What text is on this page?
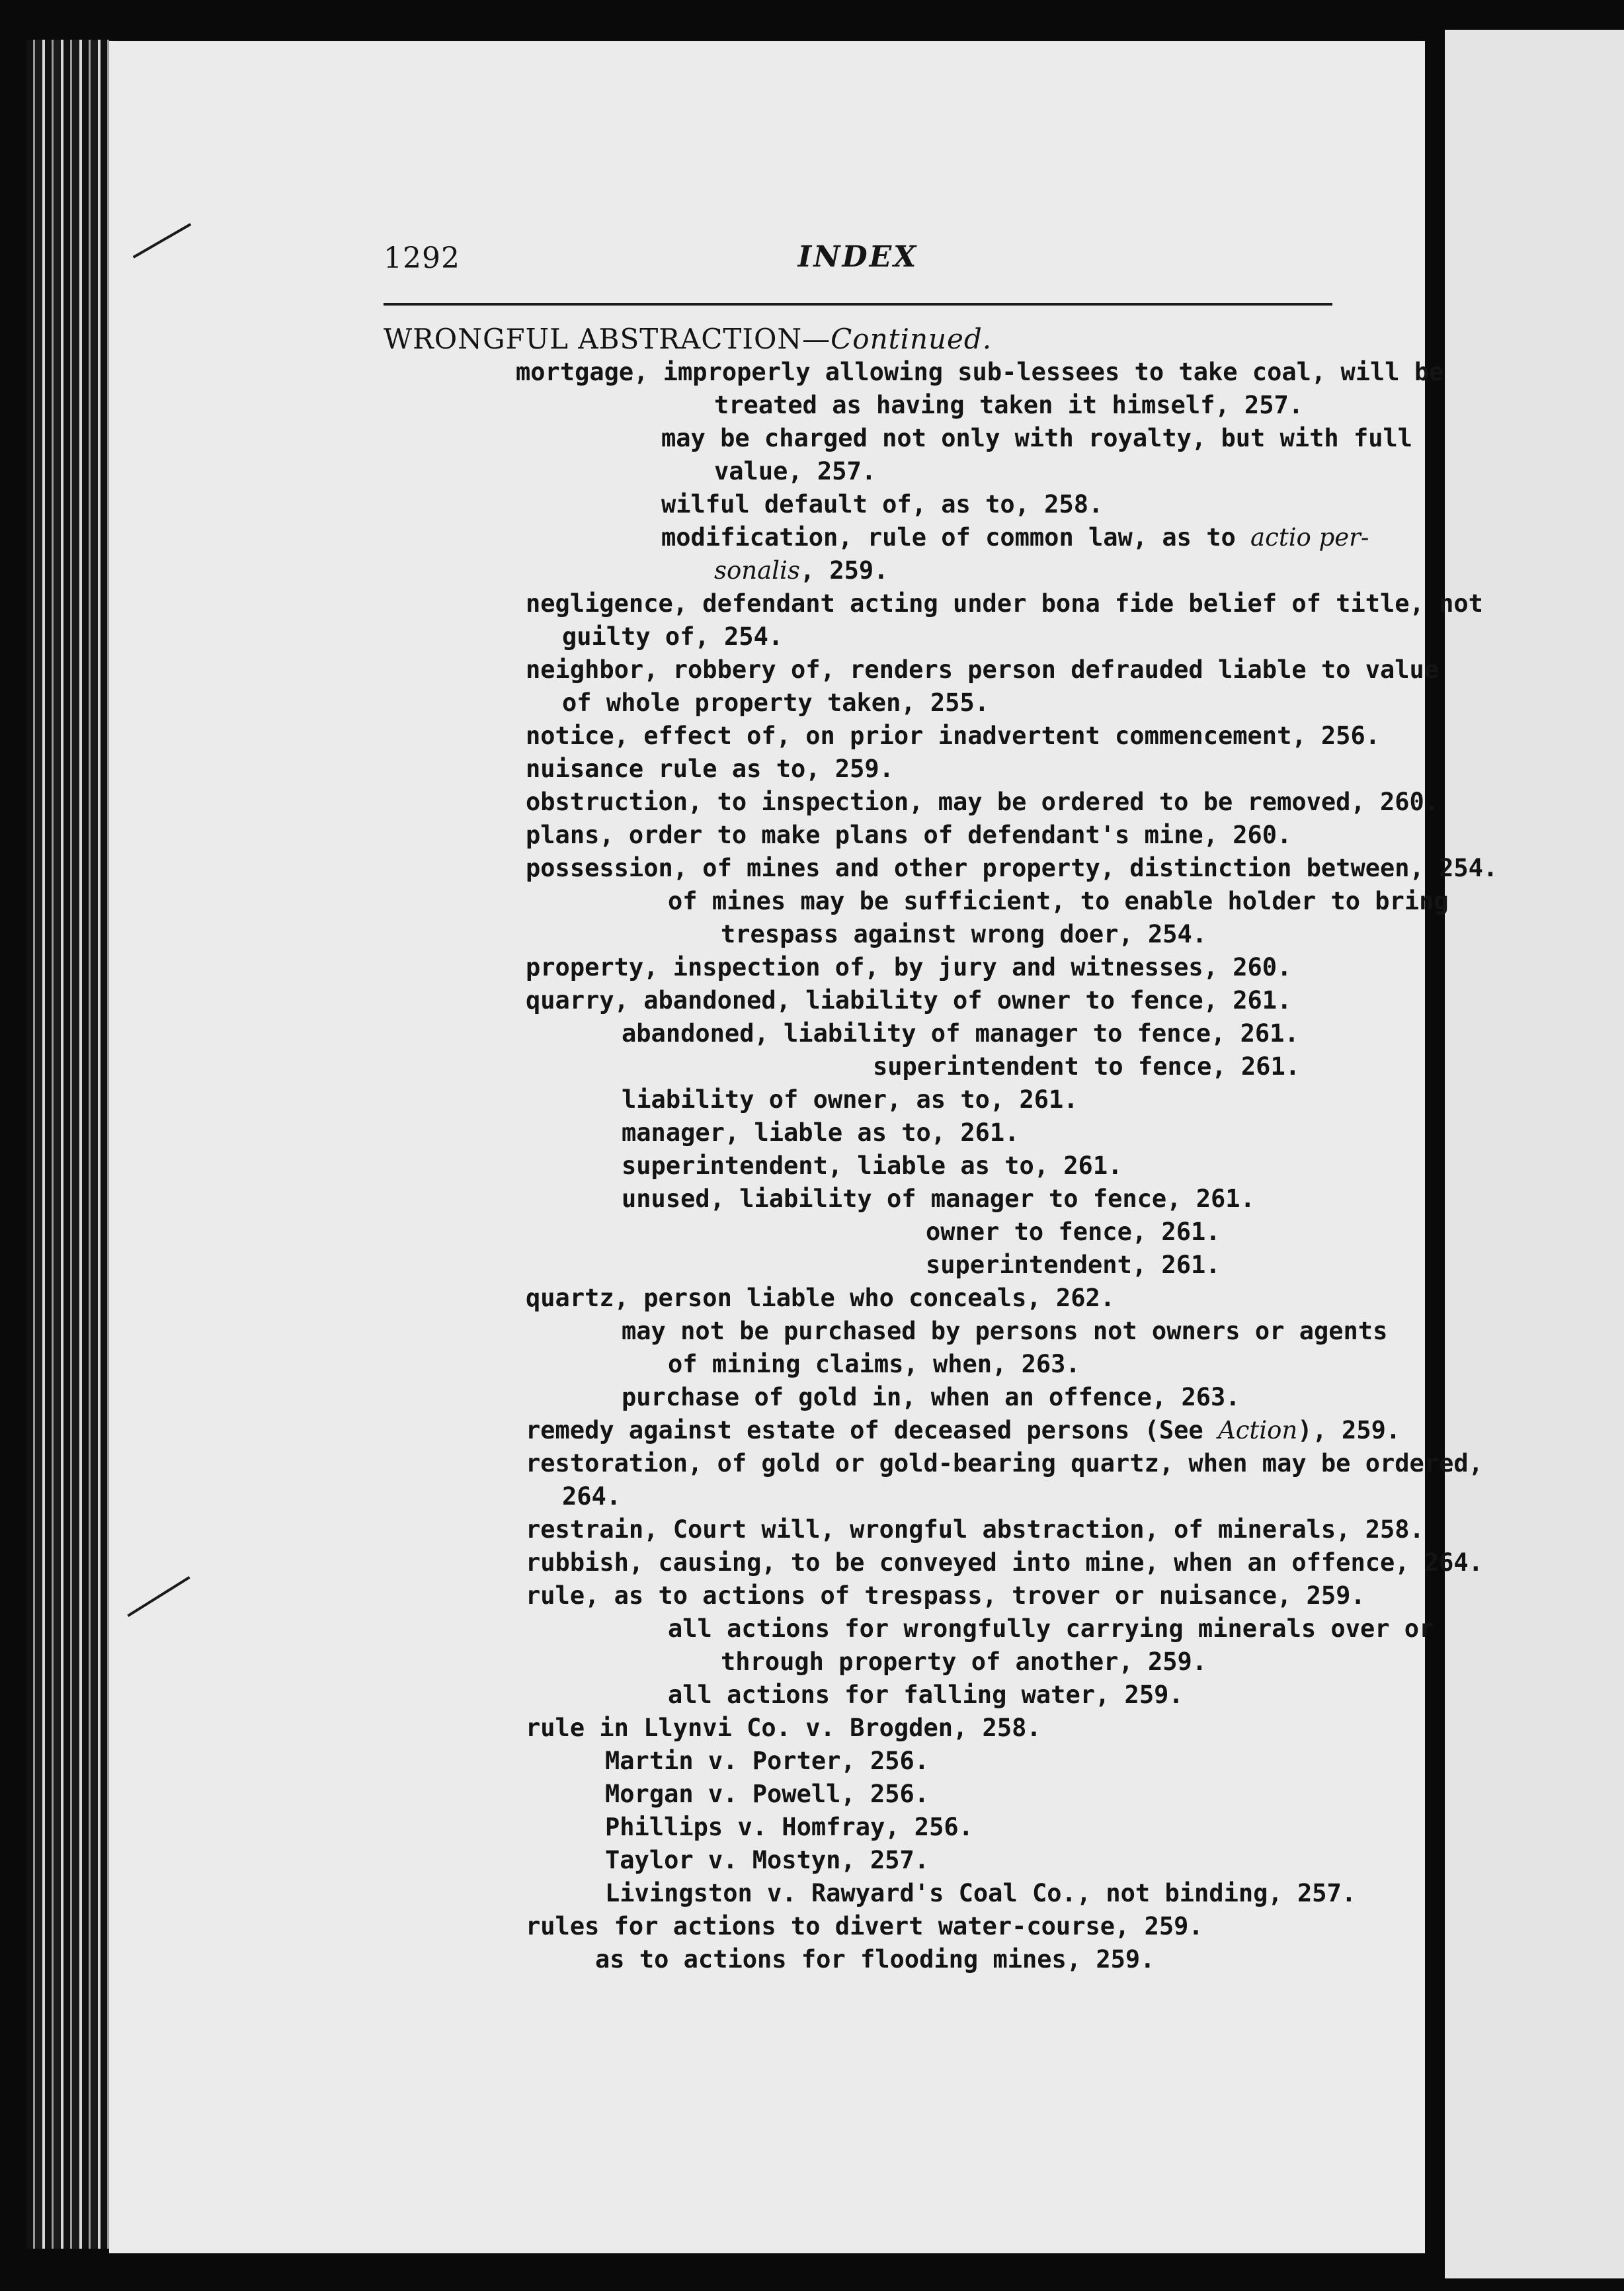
1292	INDEX
WRONGFUL ABSTRACTION—Continued.
mortgage, improperly allowing sub-lessees to take coal, will be
treated as having taken it himself, 257.
may be charged not only with royalty, but with full
value, 257.
wilful default of, as to, 258.
modification, rule of common law, as to actio per-
sonalis, 259.
negligence, defendant acting under bona fide belief of title, not
guilty of, 254.
neighbor, robbery of, renders person defrauded liable to value
of whole property taken, 255.
notice, effect of, on prior inadvertent commencement, 256.
nuisance rule as to, 259.
obstruction, to inspection, may be ordered to be removed, 260.
plans, order to make plans of defendant's mine, 260.
possession, of mines and other property, distinction between, 254.
of mines may be sufficient, to enable holder to bring
trespass against wrong doer, 254.
property, inspection of, by jury and witnesses, 260.
quarry, abandoned, liability of owner to fence, 261.
abandoned, liability of manager to fence, 261.
superintendent to fence, 261.
liability of owner, as to, 261.
manager, liable as to, 261.
superintendent, liable as to, 261.
unused, liability of manager to fence, 261.
owner to fence, 261.
superintendent, 261.
quartz, person liable who conceals, 262.
may not be purchased by persons not owners or agents
of mining claims, when, 263.
purchase of gold in, when an offence, 263.
remedy against estate of deceased persons (See Action), 259.
restoration, of gold or gold-bearing quartz, when may be ordered,
264.
restrain, Court will, wrongful abstraction, of minerals, 258.
rubbish, causing, to be conveyed into mine, when an offence, 264.
rule, as to actions of trespass, trover or nuisance, 259.
all actions for wrongfully carrying minerals over or
through property of another, 259.
all actions for falling water, 259.
rule in Llynvi Co. v. Brogden, 258.
Martin v. Porter, 256.
Morgan v. Powell, 256.
Phillips v. Homfray, 256.
Taylor v. Mostyn, 257.
Livingston v. Rawyard's Coal Co., not binding, 257.
rules for actions to divert water-course, 259.
as to actions for flooding mines, 259.
